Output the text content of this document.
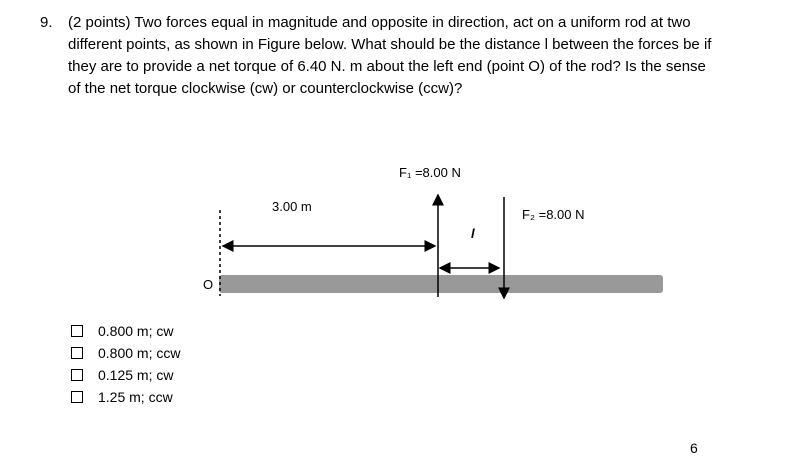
9. (2 points) Two forces equal in magnitude and opposite in direction, act on a uniform rod at two different points, as shown in Figure below. What should be the distance l between the forces be if they are to provide a net torque of 6.40 N. m about the left end (point O) of the rod? Is the sense of the net torque clockwise (cw) or counterclockwise (ccw)?
F₁ =8.00 N
F₂ =8.00 N
3.00 m
l
O
0.800 m; cw
0.800 m; ccw
0.125 m; cw
1.25 m; ccw
6
